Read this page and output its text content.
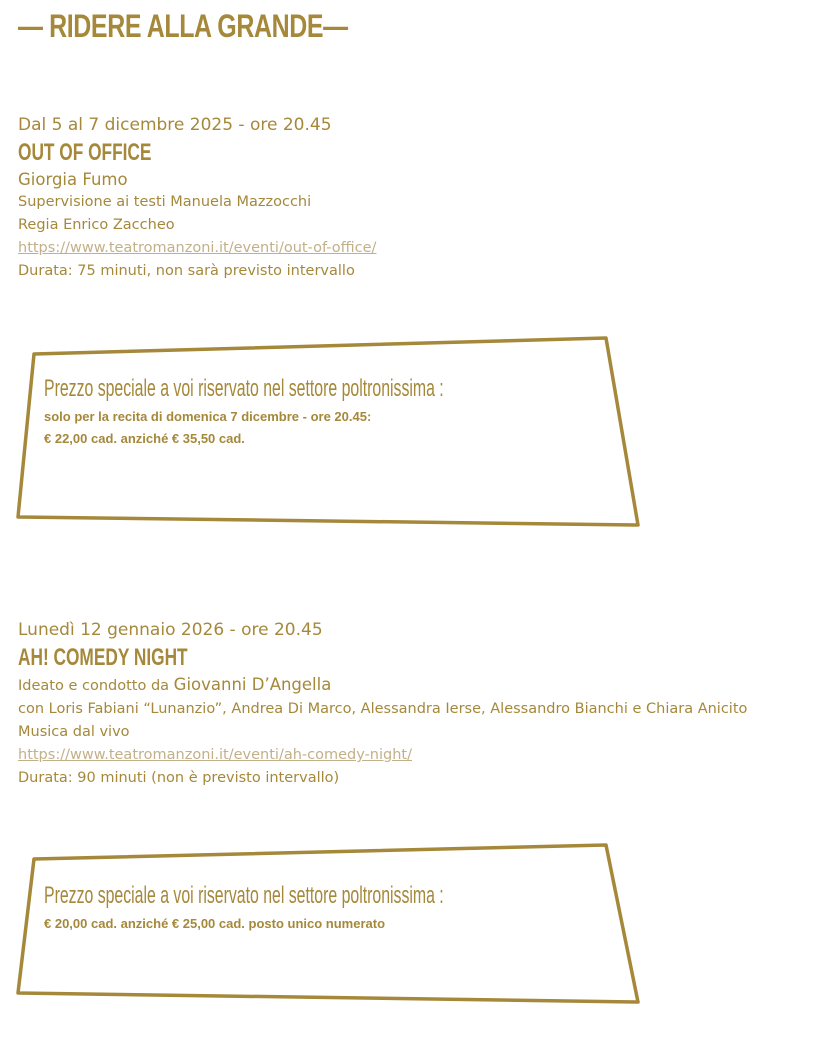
— RIDERE ALLA GRANDE—
Dal 5 al 7 dicembre 2025 - ore 20.45
OUT OF OFFICE
Giorgia Fumo
Supervisione ai testi Manuela Mazzocchi
Regia Enrico Zaccheo
https://www.teatromanzoni.it/eventi/out-of-office/
Durata: 75 minuti, non sarà previsto intervallo
Prezzo speciale a voi riservato nel settore poltronissima :
solo per la recita di domenica 7 dicembre - ore 20.45:
€ 22,00 cad. anziché € 35,50 cad.
Lunedì 12 gennaio 2026 - ore 20.45
AH! COMEDY NIGHT
Ideato e condotto da Giovanni D’Angella
con Loris Fabiani “Lunanzio”, Andrea Di Marco, Alessandra Ierse, Alessandro Bianchi e Chiara Anicito
Musica dal vivo
https://www.teatromanzoni.it/eventi/ah-comedy-night/
Durata: 90 minuti (non è previsto intervallo)
Prezzo speciale a voi riservato nel settore poltronissima :
€ 20,00 cad. anziché € 25,00 cad. posto unico numerato
